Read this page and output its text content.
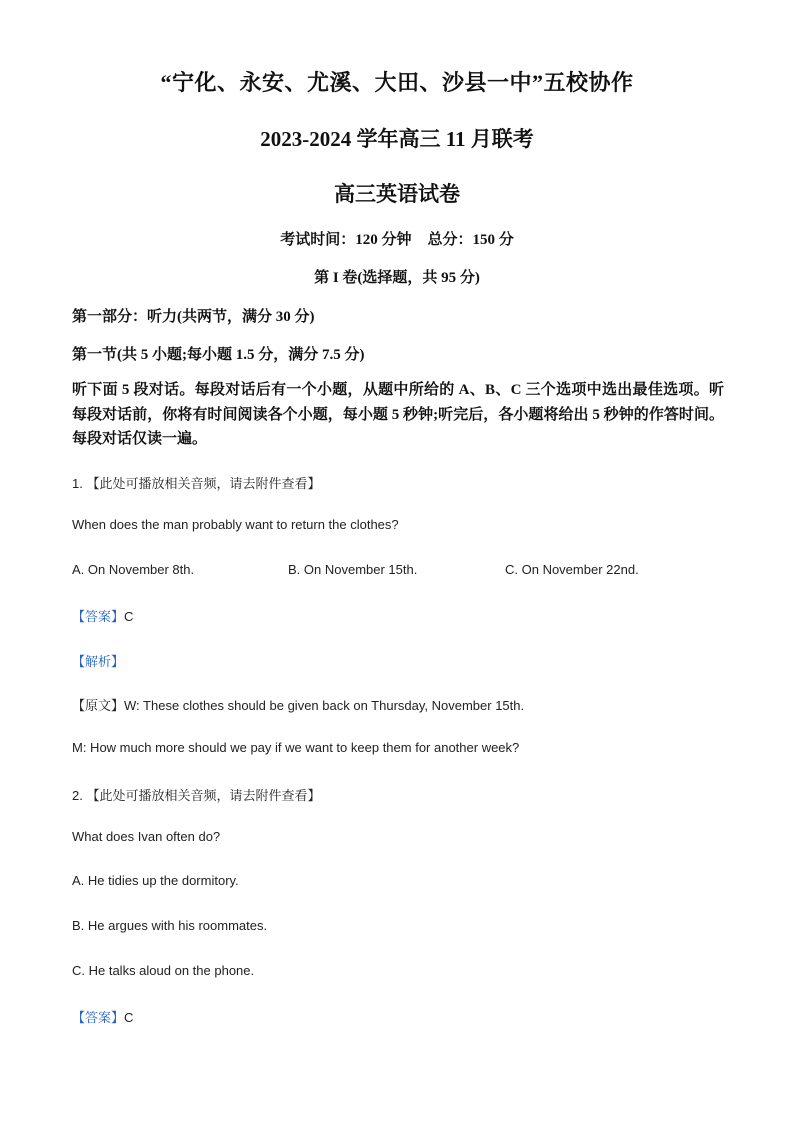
“宁化、永安、尤溪、大田、沙县一中”五校协作
2023-2024 学年高三 11 月联考
高三英语试卷
考试时间：120 分钟 总分：150 分
第 I 卷(选择题，共 95 分)
第一部分：听力(共两节，满分 30 分)
第一节(共 5 小题;每小题 1.5 分，满分 7.5 分)
听下面 5 段对话。每段对话后有一个小题，从题中所给的 A、B、C 三个选项中选出最佳选项。听每段对话前，你将有时间阅读各个小题，每小题 5 秒钟;听完后，各小题将给出 5 秒钟的作答时间。每段对话仅读一遍。
1. 【此处可播放相关音频，请去附件查看】
When does the man probably want to return the clothes?
A. On November 8th.	B. On November 15th.	C. On November 22nd.
【答案】C
【解析】
【原文】W: These clothes should be given back on Thursday, November 15th.
M: How much more should we pay if we want to keep them for another week?
2. 【此处可播放相关音频，请去附件查看】
What does Ivan often do?
A. He tidies up the dormitory.
B. He argues with his roommates.
C. He talks aloud on the phone.
【答案】C
